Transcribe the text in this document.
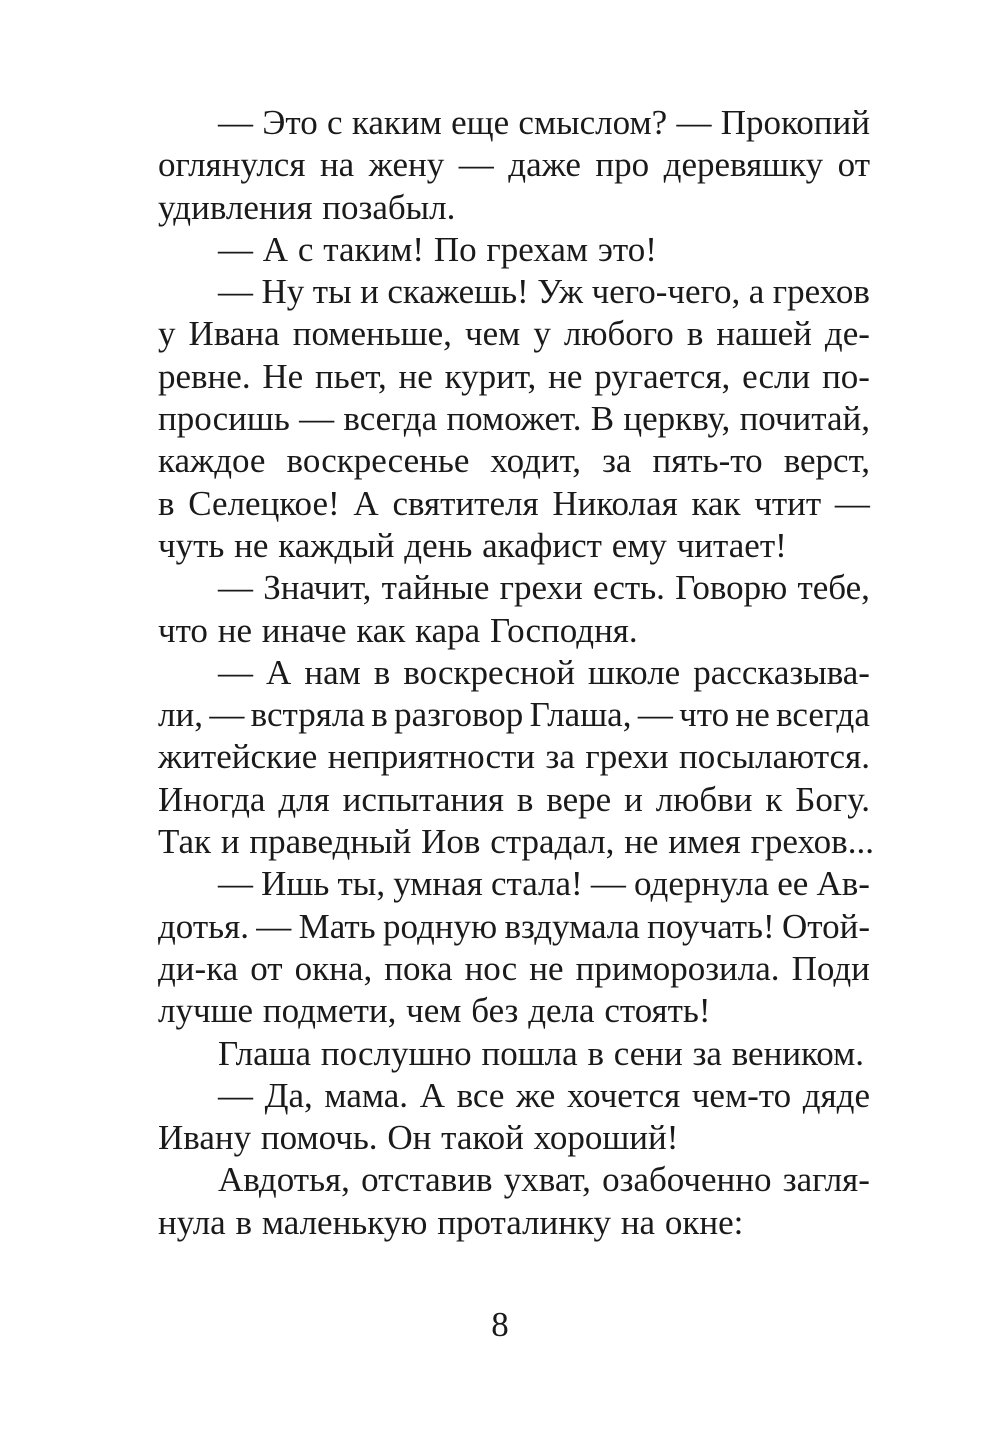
— Это с каким еще смыслом? — Прокопий
оглянулся на жену — даже про деревяшку от
удивления позабыл.
— А с таким! По грехам это!
— Ну ты и скажешь! Уж чего-чего, а грехов
у Ивана поменьше, чем у любого в нашей де-
ревне. Не пьет, не курит, не ругается, если по-
просишь — всегда поможет. В церкву, почитай,
каждое воскресенье ходит, за пять-то верст,
в Селецкое! А святителя Николая как чтит —
чуть не каждый день акафист ему читает!
— Значит, тайные грехи есть. Говорю тебе,
что не иначе как кара Господня.
— А нам в воскресной школе рассказыва-
ли, — встряла в разговор Глаша, — что не всегда
житейские неприятности за грехи посылаются.
Иногда для испытания в вере и любви к Богу.
Так и праведный Иов страдал, не имея грехов...
— Ишь ты, умная стала! — одернула ее Ав-
дотья. — Мать родную вздумала поучать! Отой-
ди-ка от окна, пока нос не приморозила. Поди
лучше подмети, чем без дела стоять!
Глаша послушно пошла в сени за веником.
— Да, мама. А все же хочется чем-то дяде
Ивану помочь. Он такой хороший!
Авдотья, отставив ухват, озабоченно загля-
нула в маленькую проталинку на окне:
8
